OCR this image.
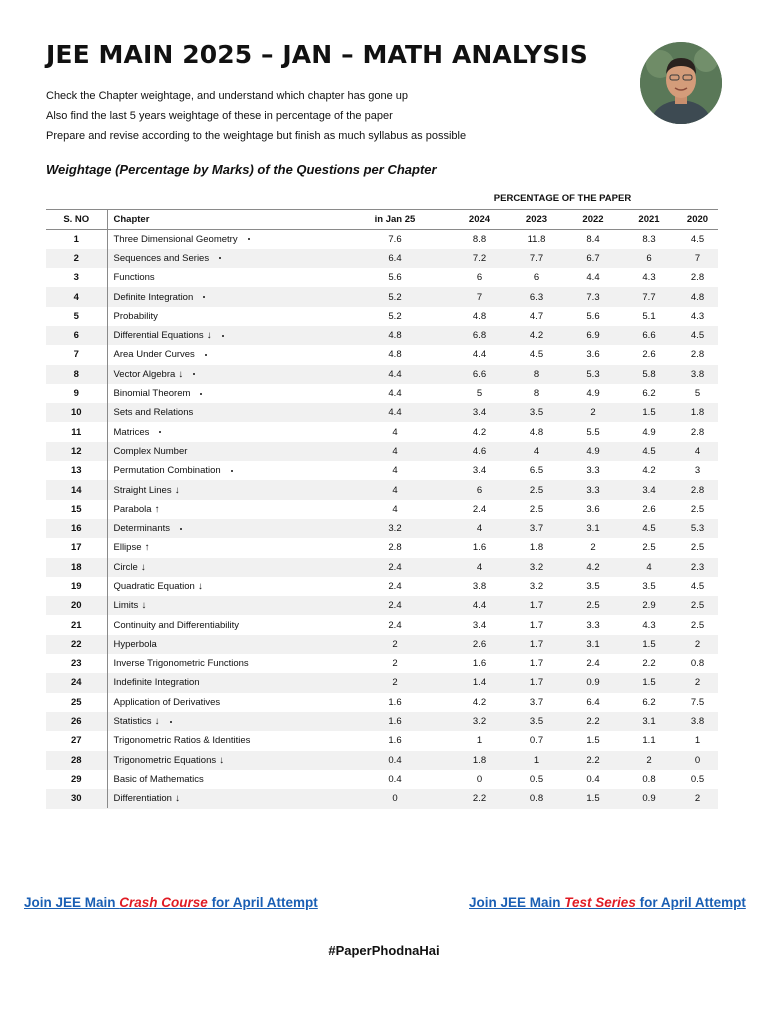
JEE MAIN 2025 – JAN – MATH ANALYSIS
Check the Chapter weightage, and understand which chapter has gone up
Also find the last 5 years weightage of these in percentage of the paper
Prepare and revise according to the weightage but finish as much syllabus as possible
Weightage (Percentage by Marks) of the Questions per Chapter
PERCENTAGE OF THE PAPER
S. NO	Chapter	in Jan 25	2024	2023	2022	2021	2020
1	Three Dimensional Geometry	7.6	8.8	11.8	8.4	8.3	4.5
2	Sequences and Series	6.4	7.2	7.7	6.7	6	7
3	Functions	5.6	6	6	4.4	4.3	2.8
4	Definite Integration	5.2	7	6.3	7.3	7.7	4.8
5	Probability	5.2	4.8	4.7	5.6	5.1	4.3
6	Differential Equations ↓	4.8	6.8	4.2	6.9	6.6	4.5
7	Area Under Curves	4.8	4.4	4.5	3.6	2.6	2.8
8	Vector Algebra ↓	4.4	6.6	8	5.3	5.8	3.8
9	Binomial Theorem	4.4	5	8	4.9	6.2	5
10	Sets and Relations	4.4	3.4	3.5	2	1.5	1.8
11	Matrices	4	4.2	4.8	5.5	4.9	2.8
12	Complex Number	4	4.6	4	4.9	4.5	4
13	Permutation Combination	4	3.4	6.5	3.3	4.2	3
14	Straight Lines ↓	4	6	2.5	3.3	3.4	2.8
15	Parabola ↑	4	2.4	2.5	3.6	2.6	2.5
16	Determinants	3.2	4	3.7	3.1	4.5	5.3
17	Ellipse ↑	2.8	1.6	1.8	2	2.5	2.5
18	Circle ↓	2.4	4	3.2	4.2	4	2.3
19	Quadratic Equation ↓	2.4	3.8	3.2	3.5	3.5	4.5
20	Limits ↓	2.4	4.4	1.7	2.5	2.9	2.5
21	Continuity and Differentiability	2.4	3.4	1.7	3.3	4.3	2.5
22	Hyperbola	2	2.6	1.7	3.1	1.5	2
23	Inverse Trigonometric Functions	2	1.6	1.7	2.4	2.2	0.8
24	Indefinite Integration	2	1.4	1.7	0.9	1.5	2
25	Application of Derivatives	1.6	4.2	3.7	6.4	6.2	7.5
26	Statistics ↓	1.6	3.2	3.5	2.2	3.1	3.8
27	Trigonometric Ratios & Identities	1.6	1	0.7	1.5	1.1	1
28	Trigonometric Equations ↓	0.4	1.8	1	2.2	2	0
29	Basic of Mathematics	0.4	0	0.5	0.4	0.8	0.5
30	Differentiation ↓	0	2.2	0.8	1.5	0.9	2
Join JEE Main Crash Course for April Attempt	Join JEE Main Test Series for April Attempt
#PaperPhodnaHai
